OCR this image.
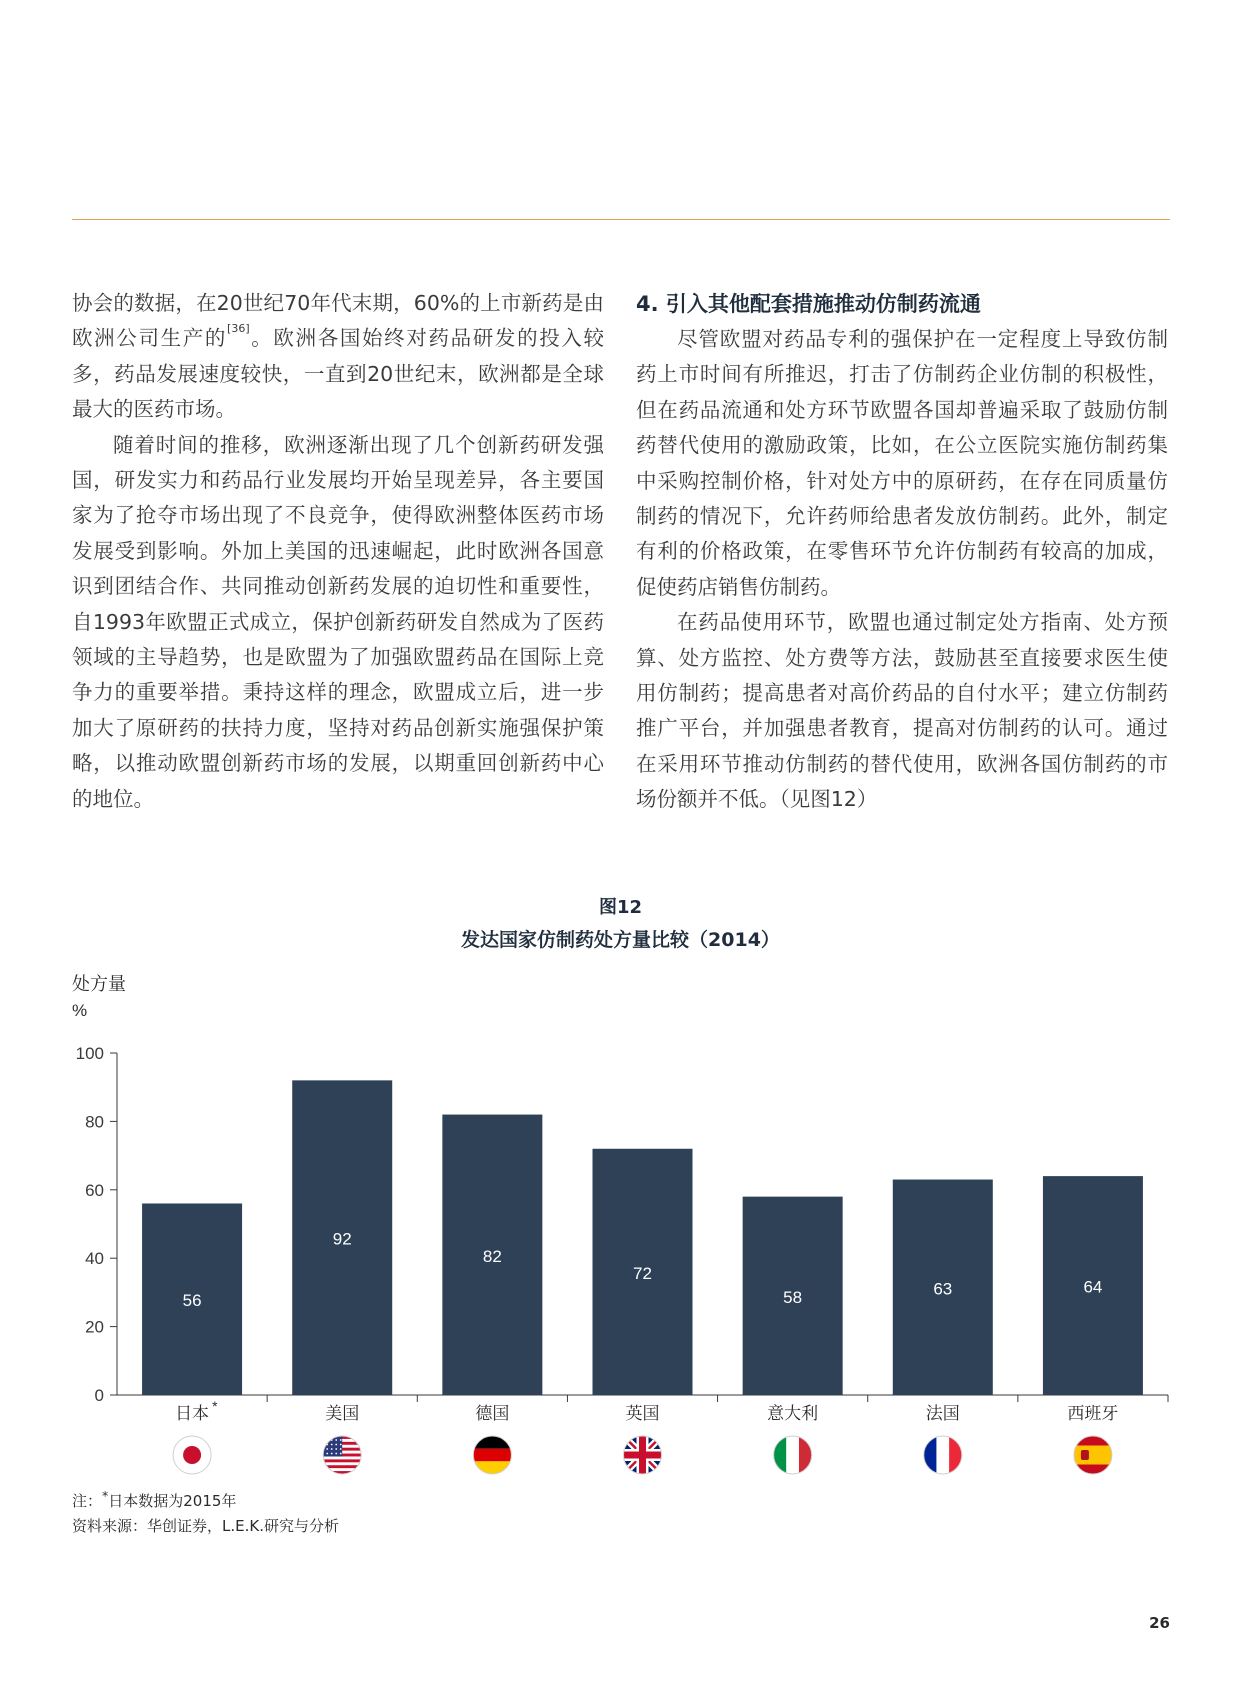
协会的数据，在20世纪70年代末期，60%的上市新药是由欧洲公司生产的[36]。欧洲各国始终对药品研发的投入较多，药品发展速度较快，一直到20世纪末，欧洲都是全球最大的医药市场。

随着时间的推移，欧洲逐渐出现了几个创新药研发强国，研发实力和药品行业发展均开始呈现差异，各主要国家为了抢夺市场出现了不良竞争，使得欧洲整体医药市场发展受到影响。外加上美国的迅速崛起，此时欧洲各国意识到团结合作、共同推动创新药发展的迫切性和重要性，自1993年欧盟正式成立，保护创新药研发自然成为了医药领域的主导趋势，也是欧盟为了加强欧盟药品在国际上竞争力的重要举措。秉持这样的理念，欧盟成立后，进一步加大了原研药的扶持力度，坚持对药品创新实施强保护策略，以推动欧盟创新药市场的发展，以期重回创新药中心的地位。

4. 引入其他配套措施推动仿制药流通

尽管欧盟对药品专利的强保护在一定程度上导致仿制药上市时间有所推迟，打击了仿制药企业仿制的积极性，但在药品流通和处方环节欧盟各国却普遍采取了鼓励仿制药替代使用的激励政策，比如，在公立医院实施仿制药集中采购控制价格，针对处方中的原研药，在存在同质量仿制药的情况下，允许药师给患者发放仿制药。此外，制定有利的价格政策，在零售环节允许仿制药有较高的加成，促使药店销售仿制药。

在药品使用环节，欧盟也通过制定处方指南、处方预算、处方监控、处方费等方法，鼓励甚至直接要求医生使用仿制药；提高患者对高价药品的自付水平；建立仿制药推广平台，并加强患者教育，提高对仿制药的认可。通过在采用环节推动仿制药的替代使用，欧洲各国仿制药的市场份额并不低。（见图12）

图12
发达国家仿制药处方量比较（2014）
处方量
%
0
20
40
60
80
100
56
日本 *
92
美国
82
德国
72
英国
58
意大利
63
法国
64
西班牙
注：*日本数据为2015年
资料来源：华创证券，L.E.K.研究与分析
26
